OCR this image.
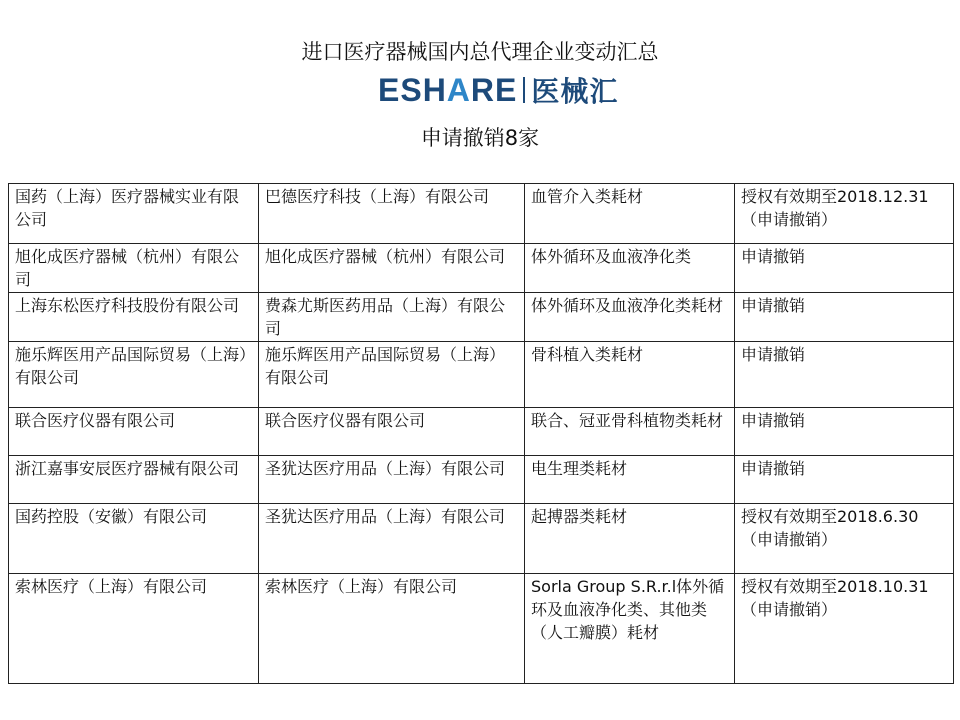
进口医疗器械国内总代理企业变动汇总
ESH A RE 医械汇
申请撤销8家
国药（上海）医疗器械实业有限公司	巴德医疗科技（上海）有限公司	血管介入类耗材	授权有效期至2018.12.31（申请撤销）
旭化成医疗器械（杭州）有限公司	旭化成医疗器械（杭州）有限公司	体外循环及血液净化类	申请撤销
上海东松医疗科技股份有限公司	费森尤斯医药用品（上海）有限公司	体外循环及血液净化类耗材	申请撤销
施乐辉医用产品国际贸易（上海）有限公司	施乐辉医用产品国际贸易（上海）有限公司	骨科植入类耗材	申请撤销
联合医疗仪器有限公司	联合医疗仪器有限公司	联合、冠亚骨科植物类耗材	申请撤销
浙江嘉事安辰医疗器械有限公司	圣犹达医疗用品（上海）有限公司	电生理类耗材	申请撤销
国药控股（安徽）有限公司	圣犹达医疗用品（上海）有限公司	起搏器类耗材	授权有效期至2018.6.30（申请撤销）
索林医疗（上海）有限公司	索林医疗（上海）有限公司	Sorla Group S.R.r.l体外循环及血液净化类、其他类（人工瓣膜）耗材	授权有效期至2018.10.31（申请撤销）
